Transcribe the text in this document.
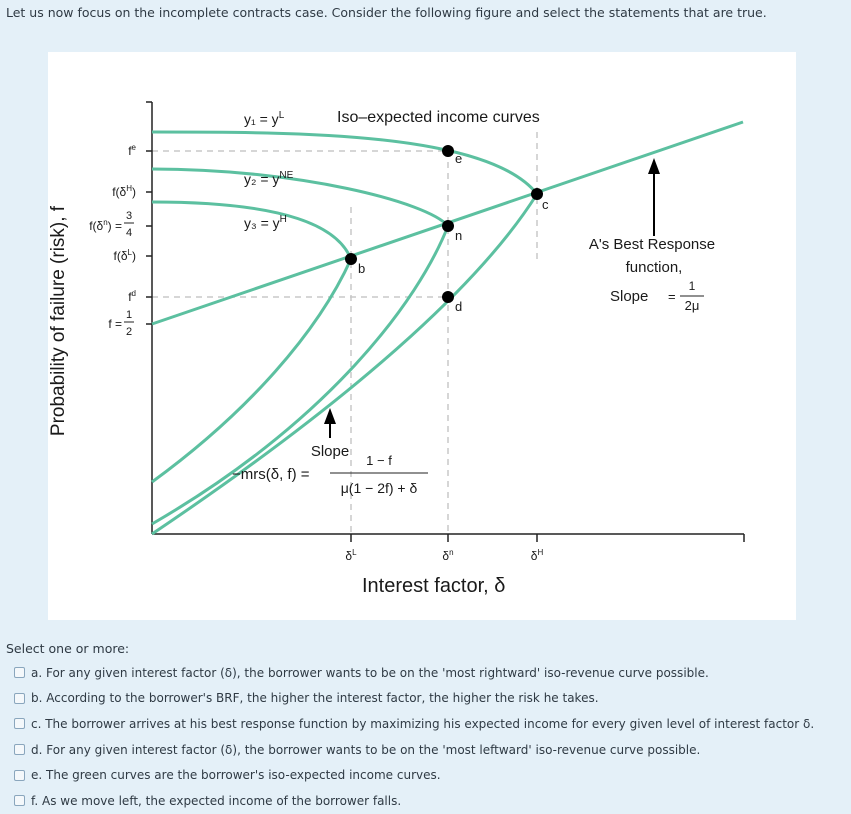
Let us now focus on the incomplete contracts case. Consider the following figure and select the statements that are true.
e
c
n
b
d
Iso–expected income curves
$y_1 = y^L$
$y_2 = y^{NE}$
$y_3 = y^H$
$f^e$
$f(\delta^H)$
$f(\delta^n)$ =
$f(\delta^L)$
$f^d$
f =
3
4
1
2
Probability of failure (risk), f
$\delta^L$	$\delta^n$	$\delta^H$
Interest factor, δ
A's Best Response
function,
Slope =
1
2μ
Slope
−mrs(δ, f) =
1 − f
μ(1 − 2f) + δ
Select one or more:
a. For any given interest factor (δ), the borrower wants to be on the 'most rightward' iso-revenue curve possible.
b. According to the borrower's BRF, the higher the interest factor, the higher the risk he takes.
c. The borrower arrives at his best response function by maximizing his expected income for every given level of interest factor δ.
d. For any given interest factor (δ), the borrower wants to be on the 'most leftward' iso-revenue curve possible.
e. The green curves are the borrower's iso-expected income curves.
f. As we move left, the expected income of the borrower falls.
